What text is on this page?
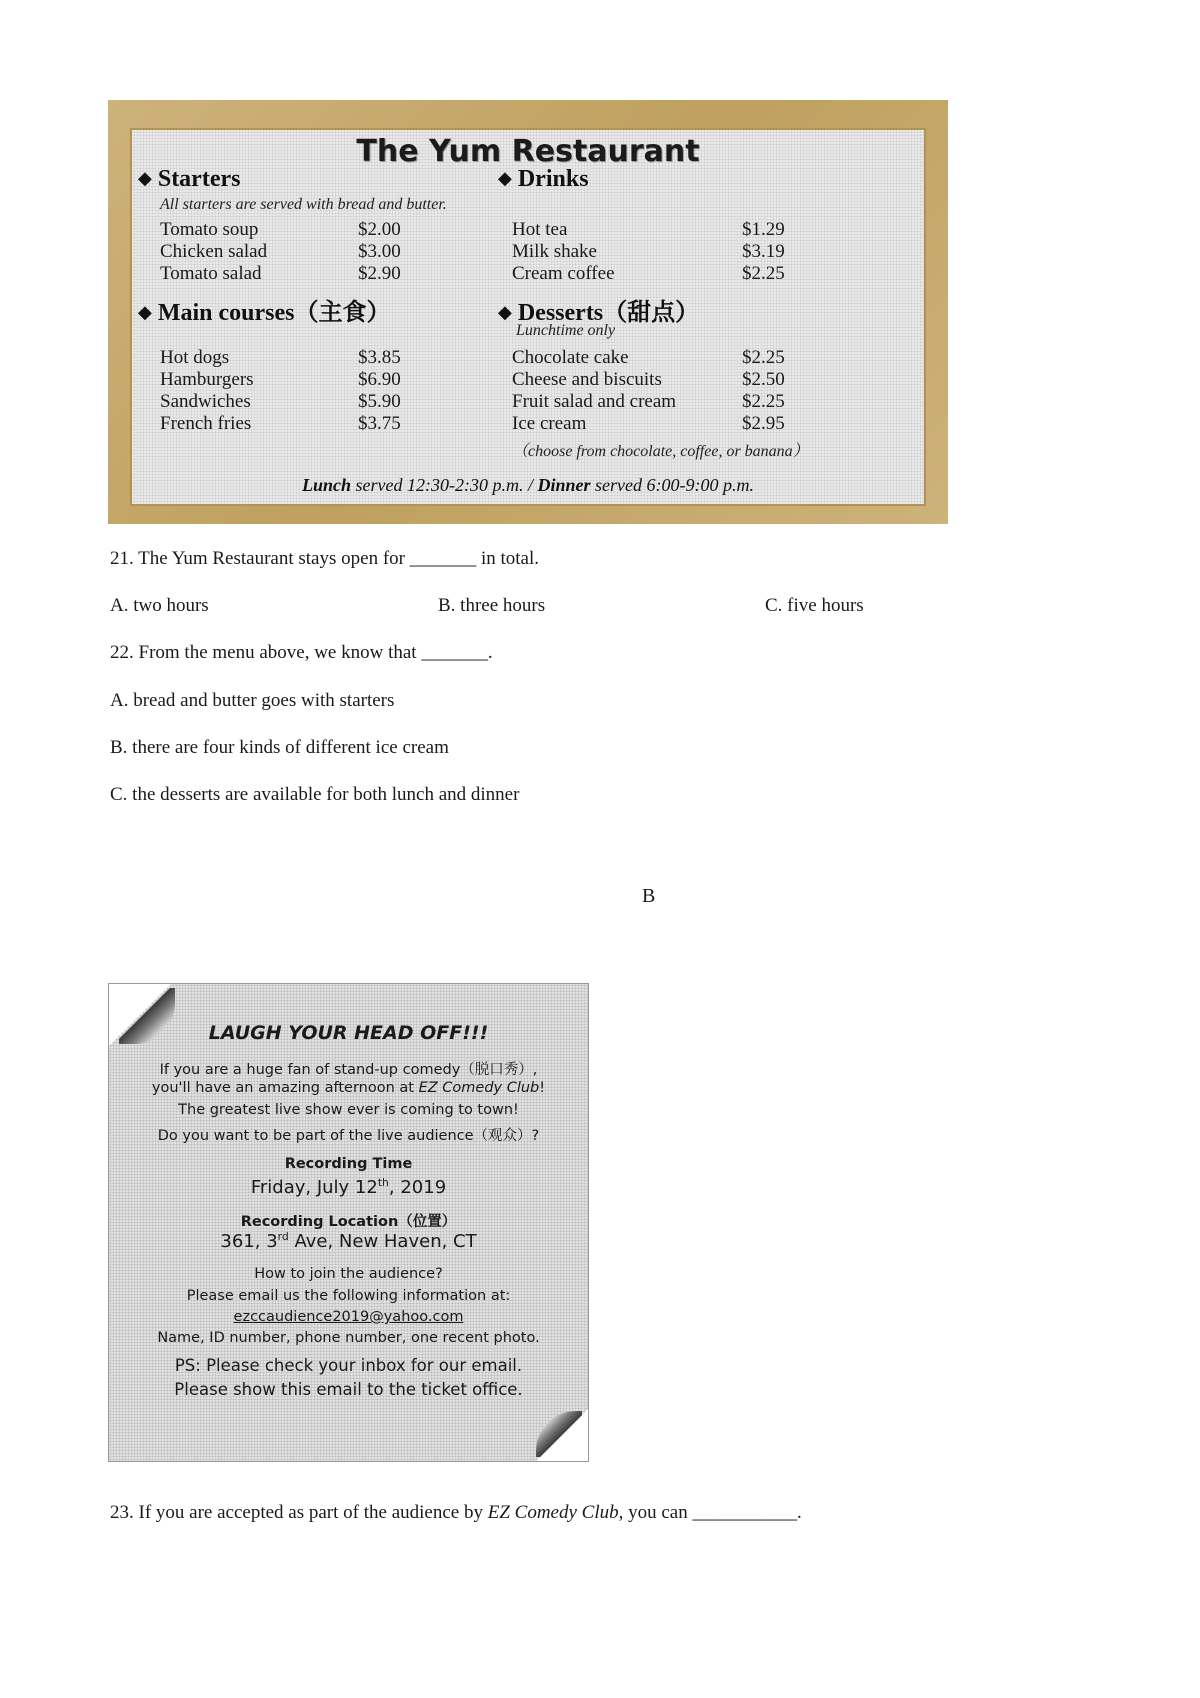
The Yum Restaurant
◆ Starters
All starters are served with bread and butter.
Tomato soup	$2.00
Chicken salad	$3.00
Tomato salad	$2.90
◆ Drinks
Hot tea	$1.29
Milk shake	$3.19
Cream coffee	$2.25
◆ Main courses（主食）
Hot dogs	$3.85
Hamburgers	$6.90
Sandwiches	$5.90
French fries	$3.75
◆ Desserts（甜点）
Lunchtime only
Chocolate cake	$2.25
Cheese and biscuits	$2.50
Fruit salad and cream	$2.25
Ice cream	$2.95
（choose from chocolate, coffee, or banana）
Lunch served 12:30-2:30 p.m. / Dinner served 6:00-9:00 p.m.
21. The Yum Restaurant stays open for _______ in total.
A. two hours	B. three hours	C. five hours
22. From the menu above, we know that _______.
A. bread and butter goes with starters
B. there are four kinds of different ice cream
C. the desserts are available for both lunch and dinner
B
LAUGH YOUR HEAD OFF!!!
If you are a huge fan of stand-up comedy（脱口秀）,
you'll have an amazing afternoon at EZ Comedy Club!
The greatest live show ever is coming to town!
Do you want to be part of the live audience（观众）?
Recording Time
Friday, July 12th, 2019
Recording Location（位置）
361, 3rd Ave, New Haven, CT
How to join the audience?
Please email us the following information at:
ezccaudience2019@yahoo.com
Name, ID number, phone number, one recent photo.
PS: Please check your inbox for our email.
Please show this email to the ticket office.
23. If you are accepted as part of the audience by EZ Comedy Club, you can ___________.
